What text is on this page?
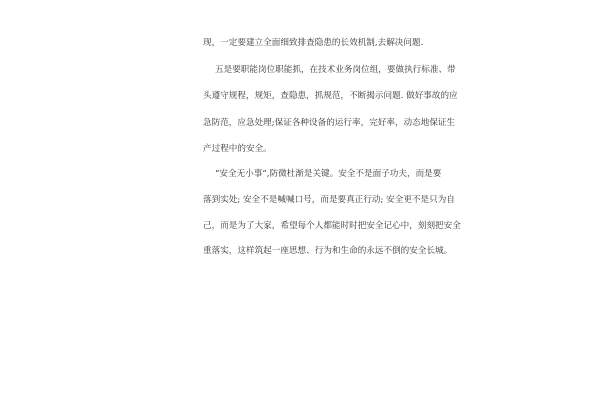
现，一定要建立全面细致排查隐患的长效机制,去解决问题.

五是要职能岗位职能抓，在技术业务岗位组，要做执行标准、带

头遵守规程，规矩，查隐患，抓规范，不断揭示问题. 做好事故的应

急防范，应急处理;保证各种设备的运行率，完好率，动态地保证生

产过程中的安全。

“安全无小事”,防微杜渐是关键。安全不是面子功夫，而是要

落到实处; 安全不是喊喊口号，而是要真正行动; 安全更不是只为自

己，而是为了大家，希望每个人都能时时把安全记心中，刻刻把安全

重落实，这样筑起一座思想、行为和生命的永远不倒的安全长城。
